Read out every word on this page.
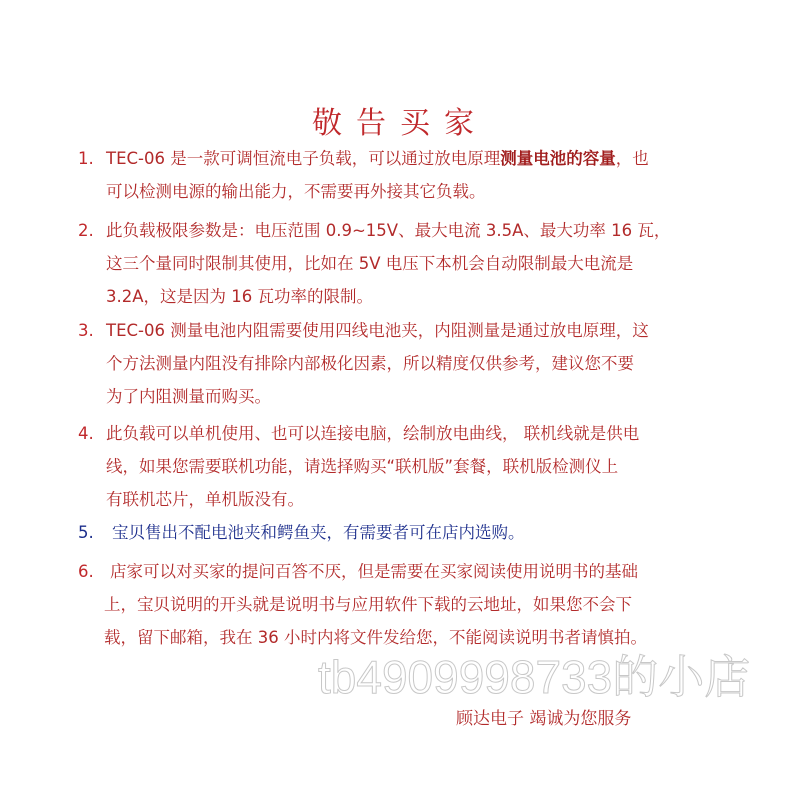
敬告买家
1. TEC-06 是一款可调恒流电子负载，可以通过放电原理测量电池的容量，也
可以检测电源的输出能力，不需要再外接其它负载。
2. 此负载极限参数是：电压范围 0.9~15V、最大电流 3.5A、最大功率 16 瓦，
这三个量同时限制其使用，比如在 5V 电压下本机会自动限制最大电流是
3.2A，这是因为 16 瓦功率的限制。
3. TEC-06 测量电池内阻需要使用四线电池夹，内阻测量是通过放电原理，这
个方法测量内阻没有排除内部极化因素，所以精度仅供参考，建议您不要
为了内阻测量而购买。
4. 此负载可以单机使用、也可以连接电脑，绘制放电曲线， 联机线就是供电
线，如果您需要联机功能，请选择购买“联机版”套餐，联机版检测仪上
有联机芯片，单机版没有。
5. 宝贝售出不配电池夹和鳄鱼夹，有需要者可在店内选购。
6. 店家可以对买家的提问百答不厌，但是需要在买家阅读使用说明书的基础
上，宝贝说明的开头就是说明书与应用软件下载的云地址，如果您不会下
载，留下邮箱，我在 36 小时内将文件发给您，不能阅读说明书者请慎拍。
tb4909998733的小店
顾达电子 竭诚为您服务
